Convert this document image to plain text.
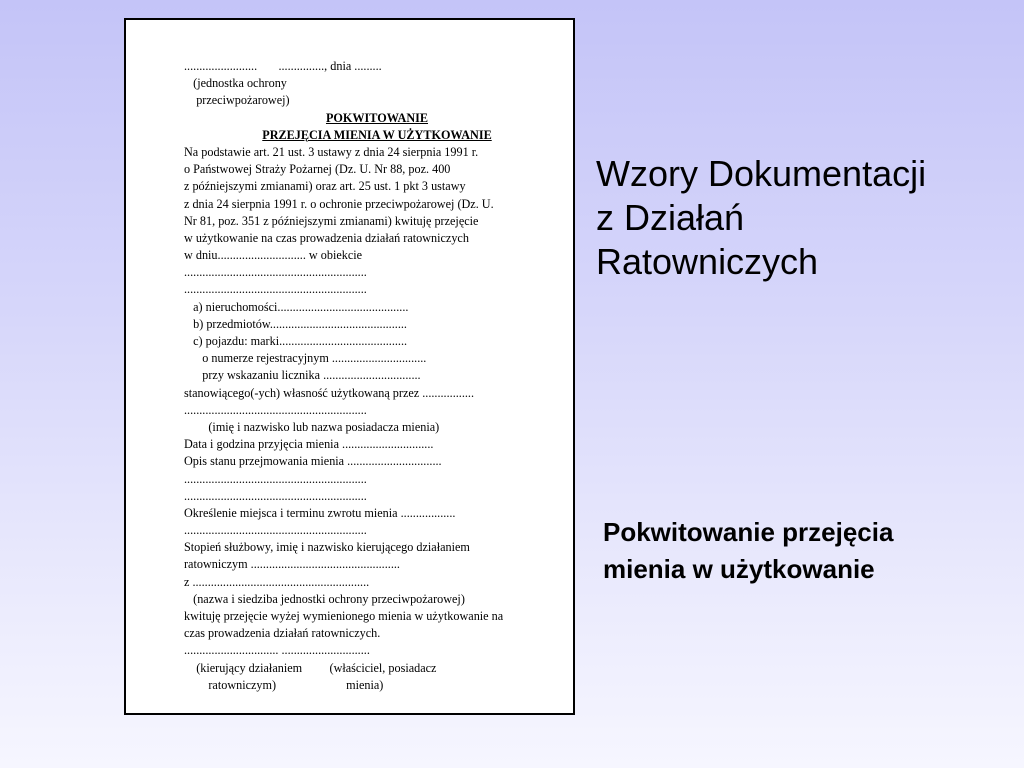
........................       ..............., dnia .........
(jednostka ochrony
przeciwpożarowej)
POKWITOWANIE
PRZEJĘCIA MIENIA W UŻYTKOWANIE
Na podstawie art. 21 ust. 3 ustawy z dnia 24 sierpnia 1991 r.
o Państwowej Straży Pożarnej (Dz. U. Nr 88, poz. 400
z późniejszymi zmianami) oraz art. 25 ust. 1 pkt 3 ustawy
z dnia 24 sierpnia 1991 r. o ochronie przeciwpożarowej (Dz. U.
Nr 81, poz. 351 z późniejszymi zmianami) kwituję przejęcie
w użytkowanie na czas prowadzenia działań ratowniczych
w dniu............................. w obiekcie
............................................................
............................................................
a) nieruchomości...........................................
b) przedmiotów.............................................
c) pojazdu: marki..........................................
o numerze rejestracyjnym ...............................
przy wskazaniu licznika ................................
stanowiącego(-ych) własność użytkowaną przez .................
............................................................
(imię i nazwisko lub nazwa posiadacza mienia)
Data i godzina przyjęcia mienia ..............................
Opis stanu przejmowania mienia ...............................
............................................................
............................................................
Określenie miejsca i terminu zwrotu mienia ..................
............................................................
Stopień służbowy, imię i nazwisko kierującego działaniem
ratowniczym .................................................
z ..........................................................
(nazwa i siedziba jednostki ochrony przeciwpożarowej)
kwituję przejęcie wyżej wymienionego mienia w użytkowanie na
czas prowadzenia działań ratowniczych.
............................... .............................
(kierujący działaniem         (właściciel, posiadacz
ratowniczym)                       mienia)
Wzory Dokumentacji
z Działań
Ratowniczych
Pokwitowanie przejęcia
mienia w użytkowanie
